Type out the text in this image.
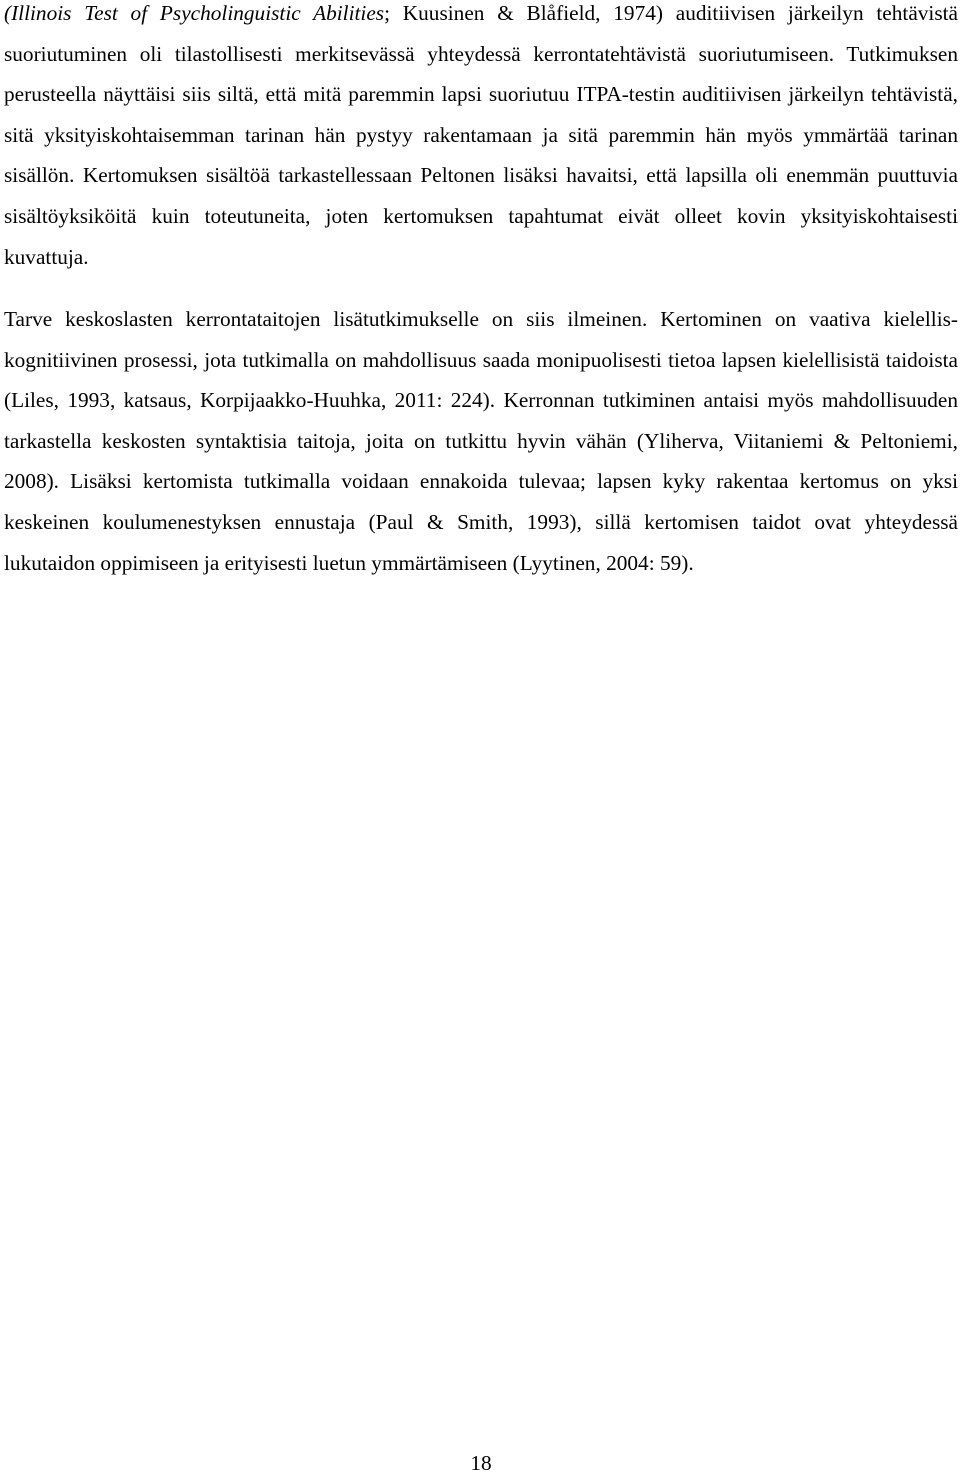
(Illinois Test of Psycholinguistic Abilities; Kuusinen & Blåfield, 1974) auditiivisen järkeilyn tehtävistä suoriutuminen oli tilastollisesti merkitsevässä yhteydessä kerrontatehtävistä suoriutumiseen. Tutkimuksen perusteella näyttäisi siis siltä, että mitä paremmin lapsi suoriutuu ITPA-testin auditiivisen järkeilyn tehtävistä, sitä yksityiskohtaisemman tarinan hän pystyy rakentamaan ja sitä paremmin hän myös ymmärtää tarinan sisällön. Kertomuksen sisältöä tarkastellessaan Peltonen lisäksi havaitsi, että lapsilla oli enemmän puuttuvia sisältöyksiköitä kuin toteutuneita, joten kertomuksen tapahtumat eivät olleet kovin yksityiskohtaisesti kuvattuja.

Tarve keskoslasten kerrontataitojen lisätutkimukselle on siis ilmeinen. Kertominen on vaativa kielellis-kognitiivinen prosessi, jota tutkimalla on mahdollisuus saada monipuolisesti tietoa lapsen kielellisistä taidoista (Liles, 1993, katsaus, Korpijaakko-Huuhka, 2011: 224). Kerronnan tutkiminen antaisi myös mahdollisuuden tarkastella keskosten syntaktisia taitoja, joita on tutkittu hyvin vähän (Yliherva, Viitaniemi & Peltoniemi, 2008). Lisäksi kertomista tutkimalla voidaan ennakoida tulevaa; lapsen kyky rakentaa kertomus on yksi keskeinen koulumenestyksen ennustaja (Paul & Smith, 1993), sillä kertomisen taidot ovat yhteydessä lukutaidon oppimiseen ja erityisesti luetun ymmärtämiseen (Lyytinen, 2004: 59).

18
